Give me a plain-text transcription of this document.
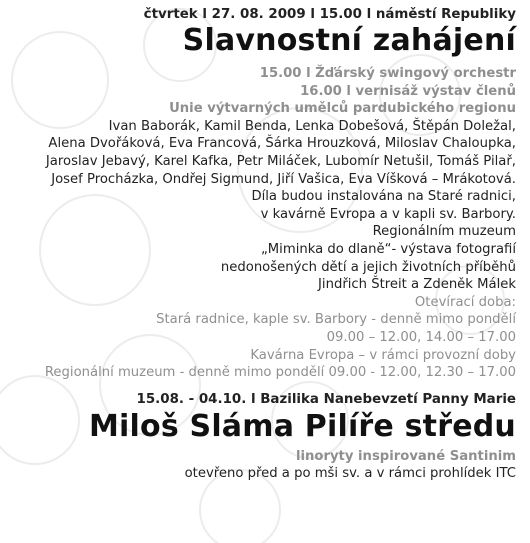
čtvrtek l 27. 08. 2009 l 15.00 l náměstí Republiky
Slavnostní zahájení
15.00 l Žďárský swingový orchestr
16.00 l vernisáž výstav členů
Unie výtvarných umělců pardubického regionu
Ivan Baborák, Kamil Benda, Lenka Dobešová, Štěpán Doležal,
Alena Dvořáková, Eva Francová, Šárka Hrouzková, Miloslav Chaloupka,
Jaroslav Jebavý, Karel Kafka, Petr Miláček, Lubomír Netušil, Tomáš Pilař,
Josef Procházka, Ondřej Sigmund, Jiří Vašica, Eva Víšková – Mrákotová.
Díla budou instalována na Staré radnici,
v kavárně Evropa a v kapli sv. Barbory.
Regionálním muzeum
„Miminka do dlaně“- výstava fotografií
nedonošených dětí a jejich životních příběhů
Jindřich Štreit a Zdeněk Málek
Otevírací doba:
Stará radnice, kaple sv. Barbory - denně mimo pondělí
09.00 – 12.00, 14.00 – 17.00
Kavárna Evropa – v rámci provozní doby
Regionální muzeum - denně mimo pondělí 09.00 - 12.00, 12.30 – 17.00
15.08. - 04.10. l Bazilika Nanebevzetí Panny Marie
Miloš Sláma Pilíře středu
linoryty inspirované Santinim
otevřeno před a po mši sv. a v rámci prohlídek ITC
